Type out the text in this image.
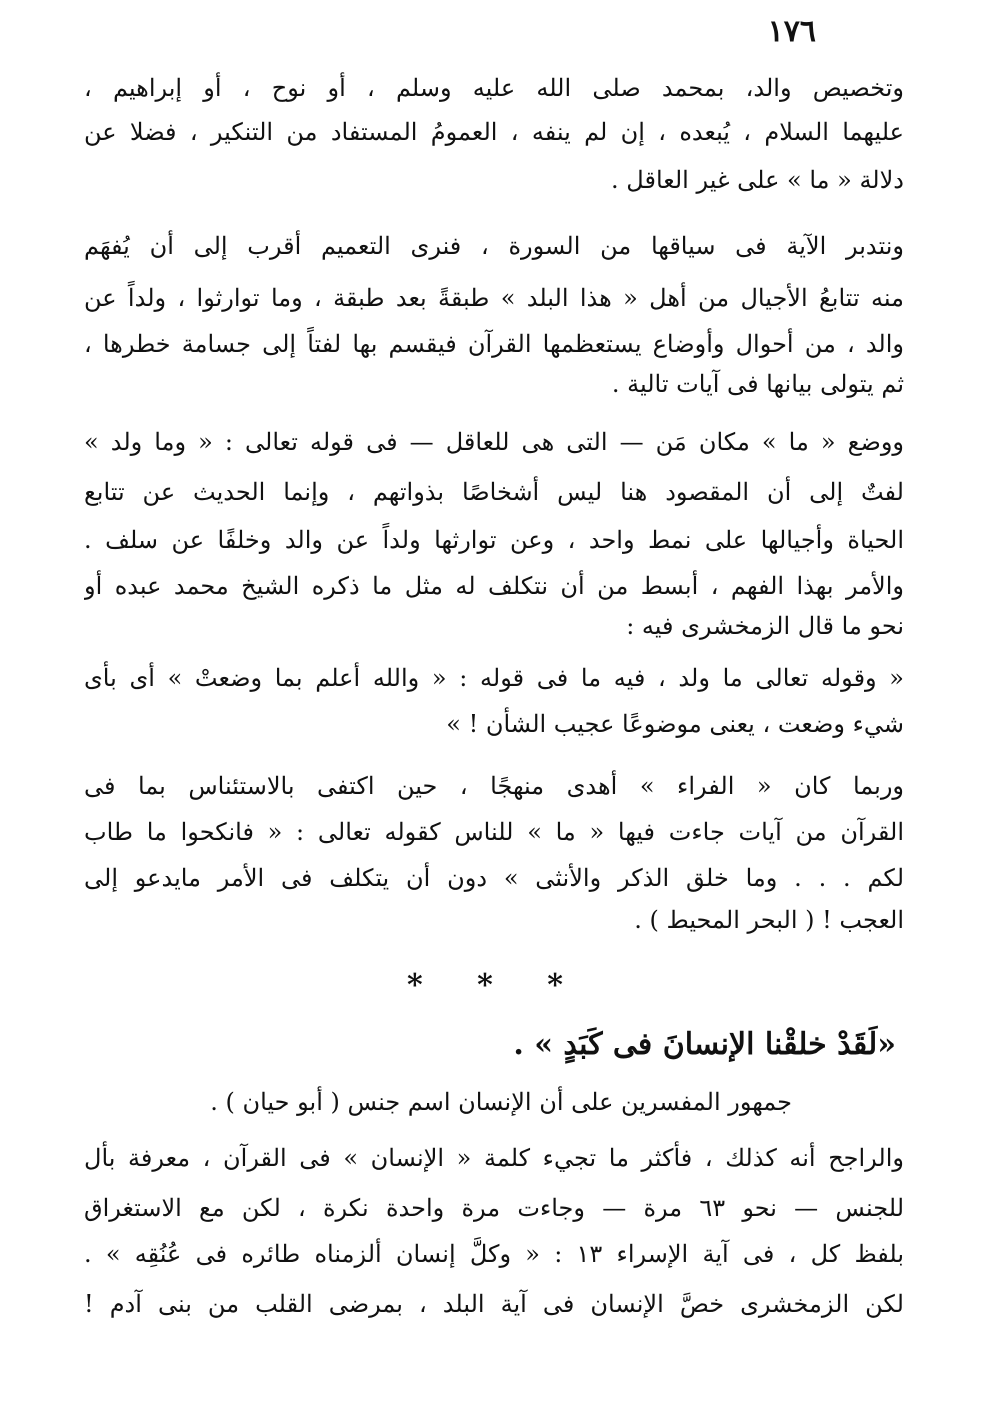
١٧٦
وتخصيص والد، بمحمد صلى الله عليه وسلم ، أو نوح ، أو إبراهيم ،
عليهما السلام ، يُبعده ، إن لم ينفه ، العمومُ المستفاد من التنكير ، فضلا عن
دلالة « ما » على غير العاقل .
ونتدبر الآية فى سياقها من السورة ، فنرى التعميم أقرب إلى أن يُفهَم
منه تتابعُ الأجيال من أهل « هذا البلد » طبقةً بعد طبقة ، وما توارثوا ، ولداً عن
والد ، من أحوال وأوضاع يستعظمها القرآن فيقسم بها لفتاً إلى جسامة خطرها ،
ثم يتولى بيانها فى آيات تالية .
ووضع « ما » مكان مَن — التى هى للعاقل — فى قوله تعالى : « وما ولد »
لفتٌ إلى أن المقصود هنا ليس أشخاصًا بذواتهم ، وإنما الحديث عن تتابع
الحياة وأجيالها على نمط واحد ، وعن توارثها ولداً عن والد وخلفًا عن سلف .
والأمر بهذا الفهم ، أبسط من أن نتكلف له مثل ما ذكره الشيخ محمد عبده أو
نحو ما قال الزمخشرى فيه :
« وقوله تعالى ما ولد ، فيه ما فى قوله : « والله أعلم بما وضعتْ » أى بأى
شيء وضعت ، يعنى موضوعًا عجيب الشأن ! »
وربما كان « الفراء » أهدى منهجًا ، حين اكتفى بالاستئناس بما فى
القرآن من آيات جاءت فيها « ما » للناس كقوله تعالى : « فانكحوا ما طاب
لكم . . . وما خلق الذكر والأنثى » دون أن يتكلف فى الأمر مايدعو إلى
العجب ! ( البحر المحيط ) .
* * *
«لَقَدْ خلقْنا الإنسانَ فى كَبَدٍ » .
جمهور المفسرين على أن الإنسان اسم جنس ( أبو حيان ) .
والراجح أنه كذلك ، فأكثر ما تجيء كلمة « الإنسان » فى القرآن ، معرفة بأل
للجنس — نحو ٦٣ مرة — وجاءت مرة واحدة نكرة ، لكن مع الاستغراق
بلفظ كل ، فى آية الإسراء ١٣ : « وكلَّ إنسان ألزمناه طائره فى عُنُقِه » .
لكن الزمخشرى خصَّ الإنسان فى آية البلد ، بمرضى القلب من بنى آدم !
